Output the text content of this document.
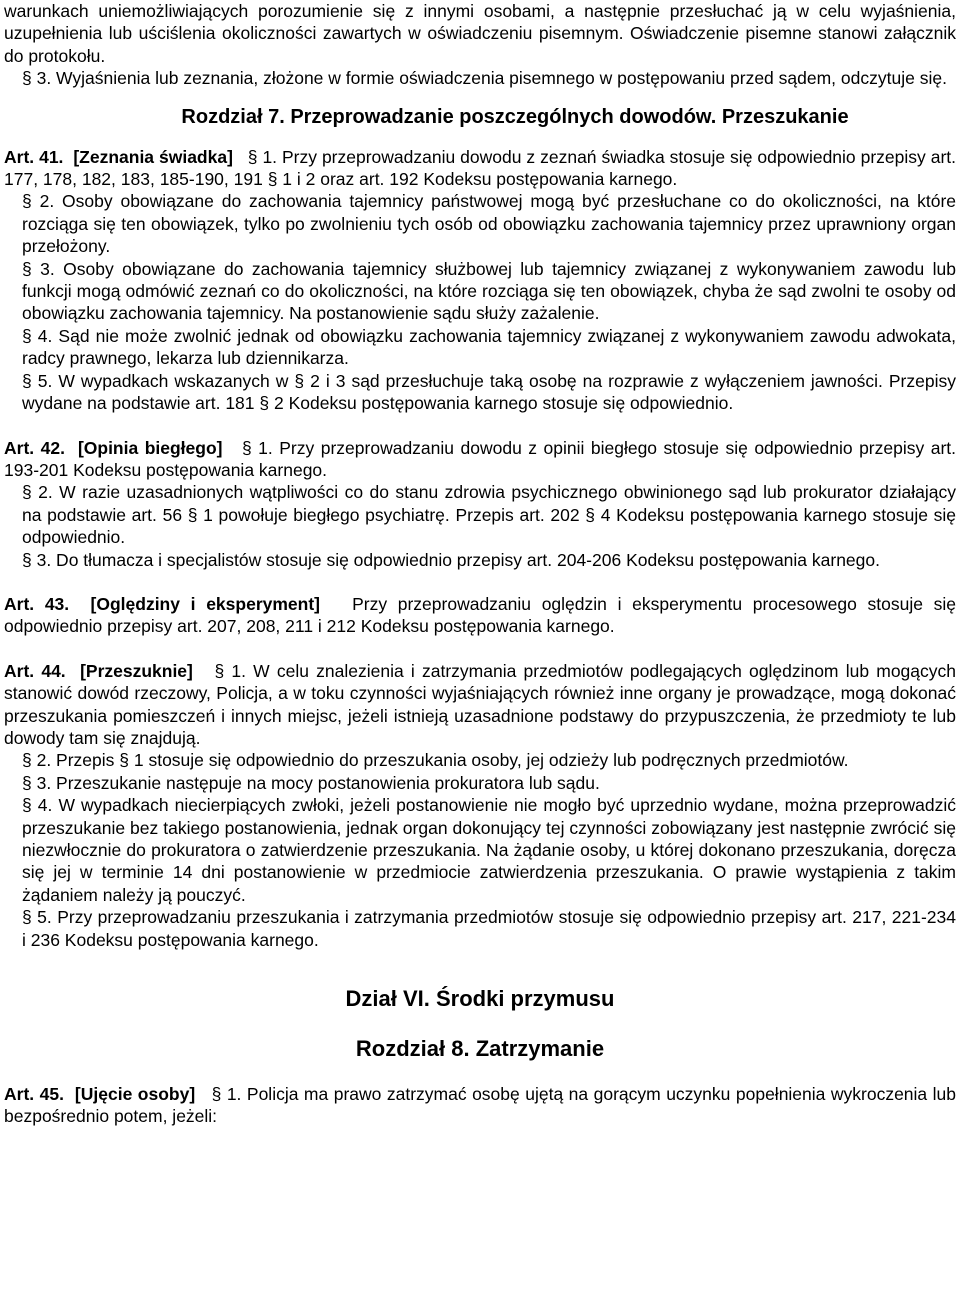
warunkach uniemożliwiających porozumienie się z innymi osobami, a następnie przesłuchać ją w celu wyjaśnienia, uzupełnienia lub uściślenia okoliczności zawartych w oświadczeniu pisemnym. Oświadczenie pisemne stanowi załącznik do protokołu.

§ 3. Wyjaśnienia lub zeznania, złożone w formie oświadczenia pisemnego w postępowaniu przed sądem, odczytuje się.

Rozdział 7. Przeprowadzanie poszczególnych dowodów. Przeszukanie

Art. 41. [Zeznania świadka] § 1. Przy przeprowadzaniu dowodu z zeznań świadka stosuje się odpowiednio przepisy art. 177, 178, 182, 183, 185-190, 191 § 1 i 2 oraz art. 192 Kodeksu postępowania karnego.

§ 2. Osoby obowiązane do zachowania tajemnicy państwowej mogą być przesłuchane co do okoliczności, na które rozciąga się ten obowiązek, tylko po zwolnieniu tych osób od obowiązku zachowania tajemnicy przez uprawniony organ przełożony.

§ 3. Osoby obowiązane do zachowania tajemnicy służbowej lub tajemnicy związanej z wykonywaniem zawodu lub funkcji mogą odmówić zeznań co do okoliczności, na które rozciąga się ten obowiązek, chyba że sąd zwolni te osoby od obowiązku zachowania tajemnicy. Na postanowienie sądu służy zażalenie.

§ 4. Sąd nie może zwolnić jednak od obowiązku zachowania tajemnicy związanej z wykonywaniem zawodu adwokata, radcy prawnego, lekarza lub dziennikarza.

§ 5. W wypadkach wskazanych w § 2 i 3 sąd przesłuchuje taką osobę na rozprawie z wyłączeniem jawności. Przepisy wydane na podstawie art. 181 § 2 Kodeksu postępowania karnego stosuje się odpowiednio.

Art. 42. [Opinia biegłego] § 1. Przy przeprowadzaniu dowodu z opinii biegłego stosuje się odpowiednio przepisy art. 193-201 Kodeksu postępowania karnego.

§ 2. W razie uzasadnionych wątpliwości co do stanu zdrowia psychicznego obwinionego sąd lub prokurator działający na podstawie art. 56 § 1 powołuje biegłego psychiatrę. Przepis art. 202 § 4 Kodeksu postępowania karnego stosuje się odpowiednio.

§ 3. Do tłumacza i specjalistów stosuje się odpowiednio przepisy art. 204-206 Kodeksu postępowania karnego.

Art. 43. [Oględziny i eksperyment] Przy przeprowadzaniu oględzin i eksperymentu procesowego stosuje się odpowiednio przepisy art. 207, 208, 211 i 212 Kodeksu postępowania karnego.

Art. 44. [Przeszuknie] § 1. W celu znalezienia i zatrzymania przedmiotów podlegających oględzinom lub mogących stanowić dowód rzeczowy, Policja, a w toku czynności wyjaśniających również inne organy je prowadzące, mogą dokonać przeszukania pomieszczeń i innych miejsc, jeżeli istnieją uzasadnione podstawy do przypuszczenia, że przedmioty te lub dowody tam się znajdują.

§ 2. Przepis § 1 stosuje się odpowiednio do przeszukania osoby, jej odzieży lub podręcznych przedmiotów.

§ 3. Przeszukanie następuje na mocy postanowienia prokuratora lub sądu.

§ 4. W wypadkach niecierpiących zwłoki, jeżeli postanowienie nie mogło być uprzednio wydane, można przeprowadzić przeszukanie bez takiego postanowienia, jednak organ dokonujący tej czynności zobowiązany jest następnie zwrócić się niezwłocznie do prokuratora o zatwierdzenie przeszukania. Na żądanie osoby, u której dokonano przeszukania, doręcza się jej w terminie 14 dni postanowienie w przedmiocie zatwierdzenia przeszukania. O prawie wystąpienia z takim żądaniem należy ją pouczyć.

§ 5. Przy przeprowadzaniu przeszukania i zatrzymania przedmiotów stosuje się odpowiednio przepisy art. 217, 221-234 i 236 Kodeksu postępowania karnego.

Dział VI. Środki przymusu
Rozdział 8. Zatrzymanie

Art. 45. [Ujęcie osoby] § 1. Policja ma prawo zatrzymać osobę ujętą na gorącym uczynku popełnienia wykroczenia lub bezpośrednio potem, jeżeli:
